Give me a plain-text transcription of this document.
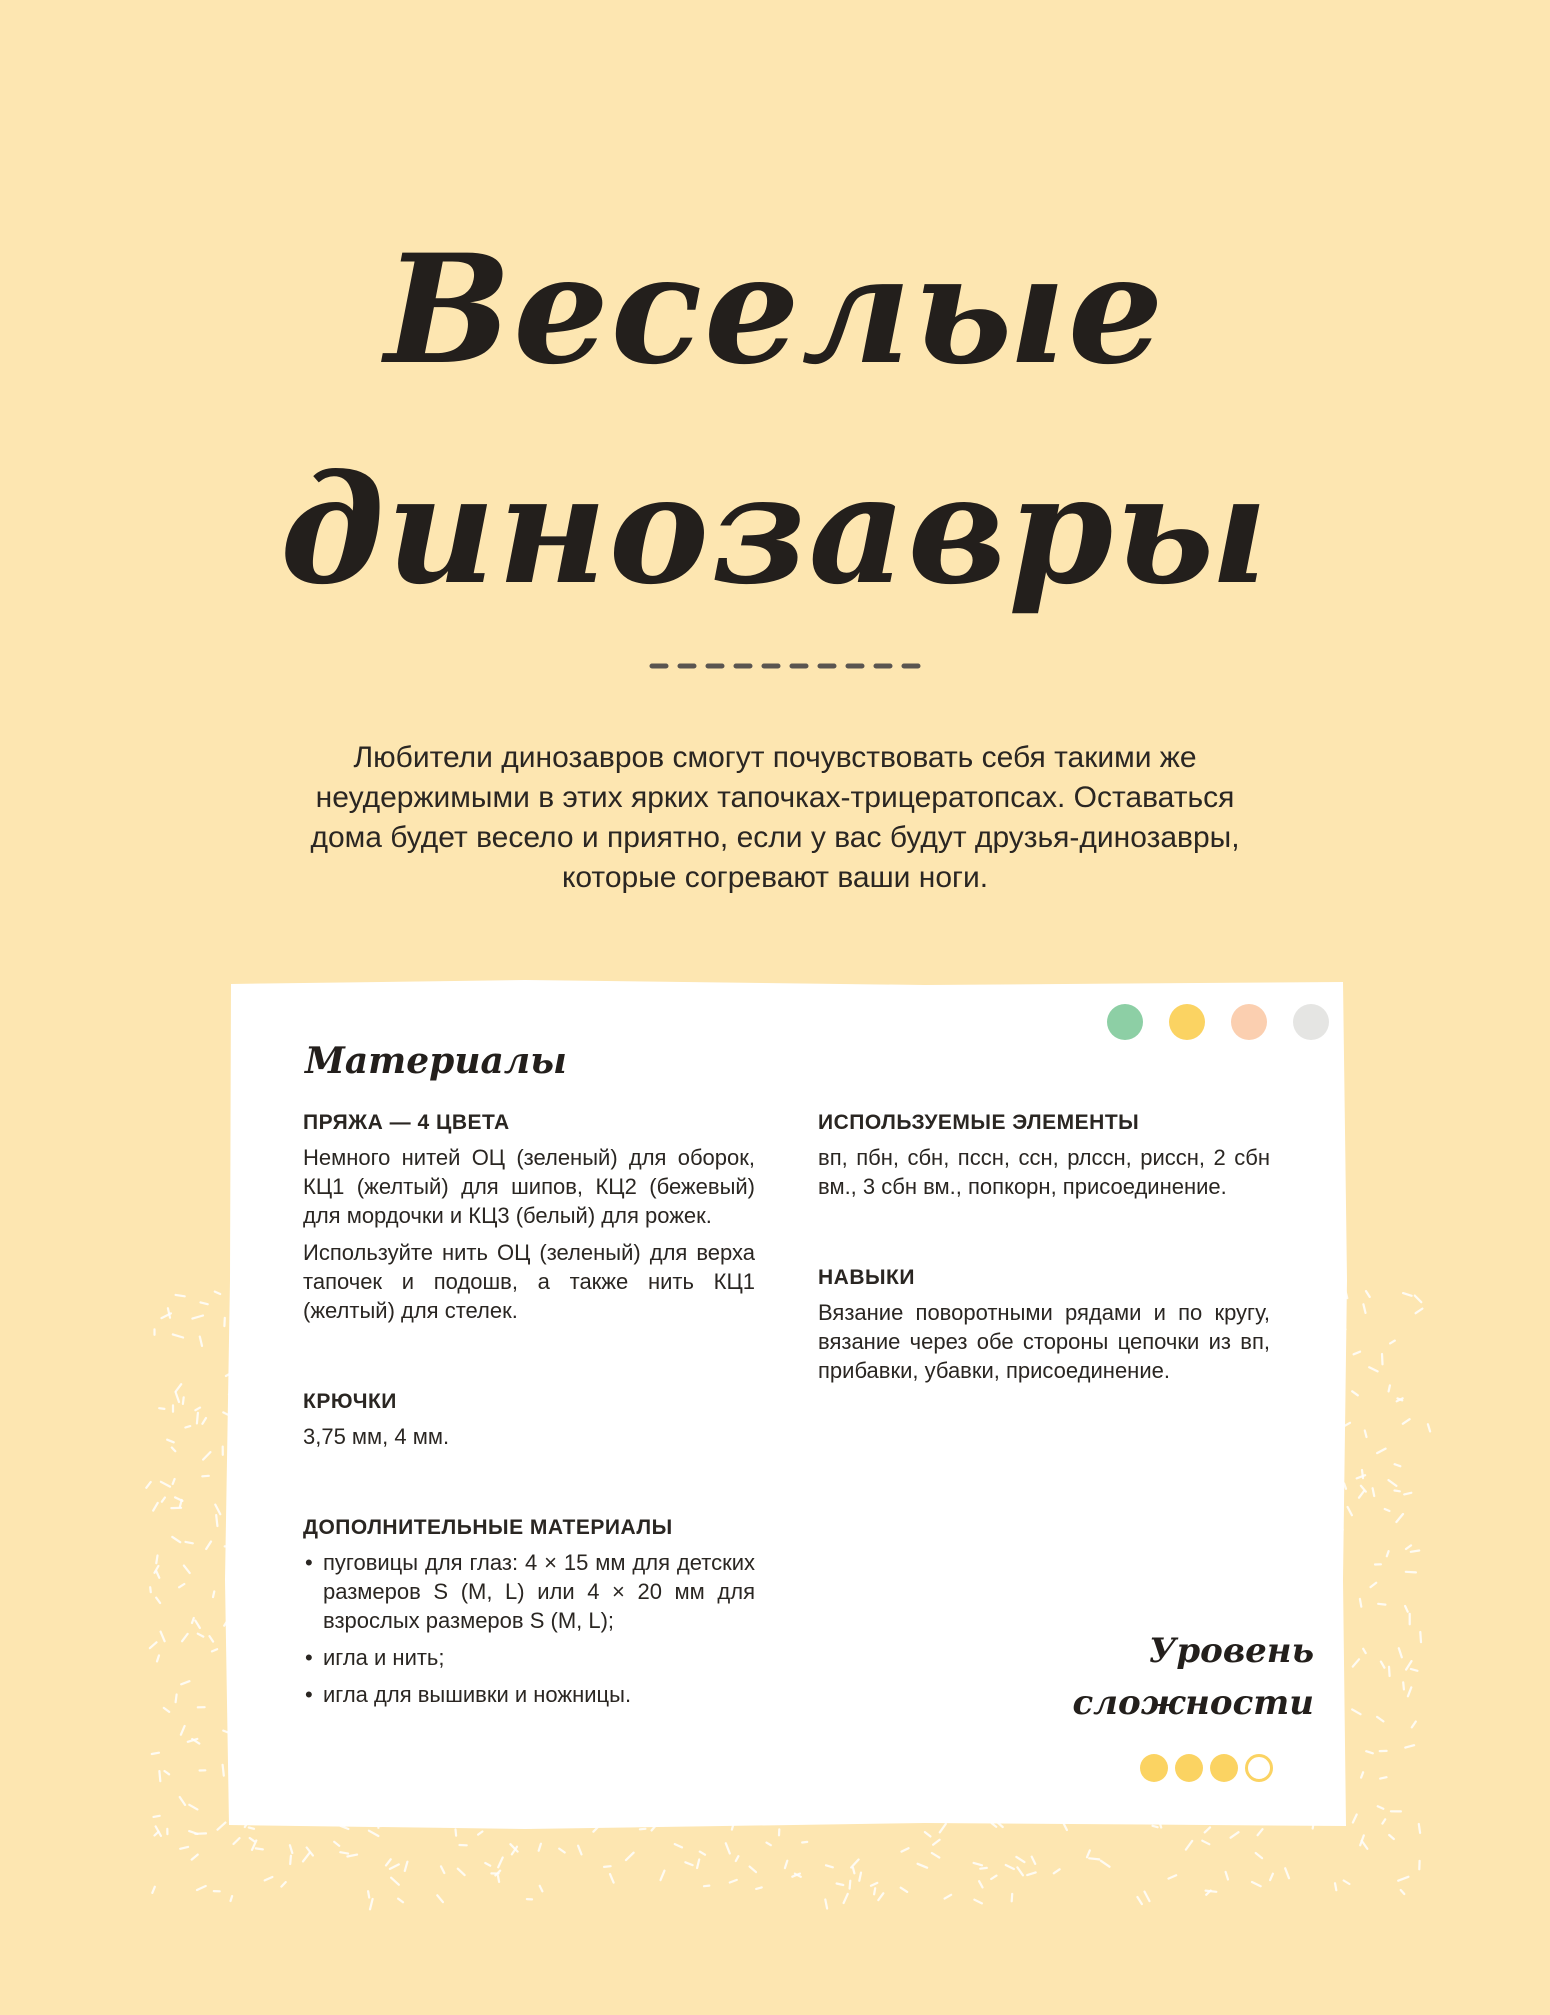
Веселые
динозавры
Любители динозавров смогут почувствовать себя такими же неудержимыми в этих ярких тапочках-трицератопсах. Оставаться дома будет весело и приятно, если у вас будут друзья-динозавры, которые согревают ваши ноги.
Материалы
ПРЯЖА — 4 ЦВЕТА

Немного нитей ОЦ (зеленый) для оборок, КЦ1 (желтый) для шипов, КЦ2 (бежевый) для мордочки и КЦ3 (белый) для рожек.

Используйте нить ОЦ (зеленый) для верха тапочек и подошв, а также нить КЦ1 (желтый) для стелек.

КРЮЧКИ

3,75 мм, 4 мм.

ДОПОЛНИТЕЛЬНЫЕ МАТЕРИАЛЫ
• пуговицы для глаз: 4 × 15 мм для детских размеров S (M, L) или 4 × 20 мм для взрослых размеров S (M, L);
• игла и нить;
• игла для вышивки и ножницы.
ИСПОЛЬЗУЕМЫЕ ЭЛЕМЕНТЫ

вп, пбн, сбн, пссн, ссн, рлссн, риссн, 2 сбн вм., 3 сбн вм., попкорн, присоединение.

НАВЫКИ

Вязание поворотными рядами и по кругу, вязание через обе стороны цепочки из вп, прибавки, убавки, присоединение.

Уровень
сложности
